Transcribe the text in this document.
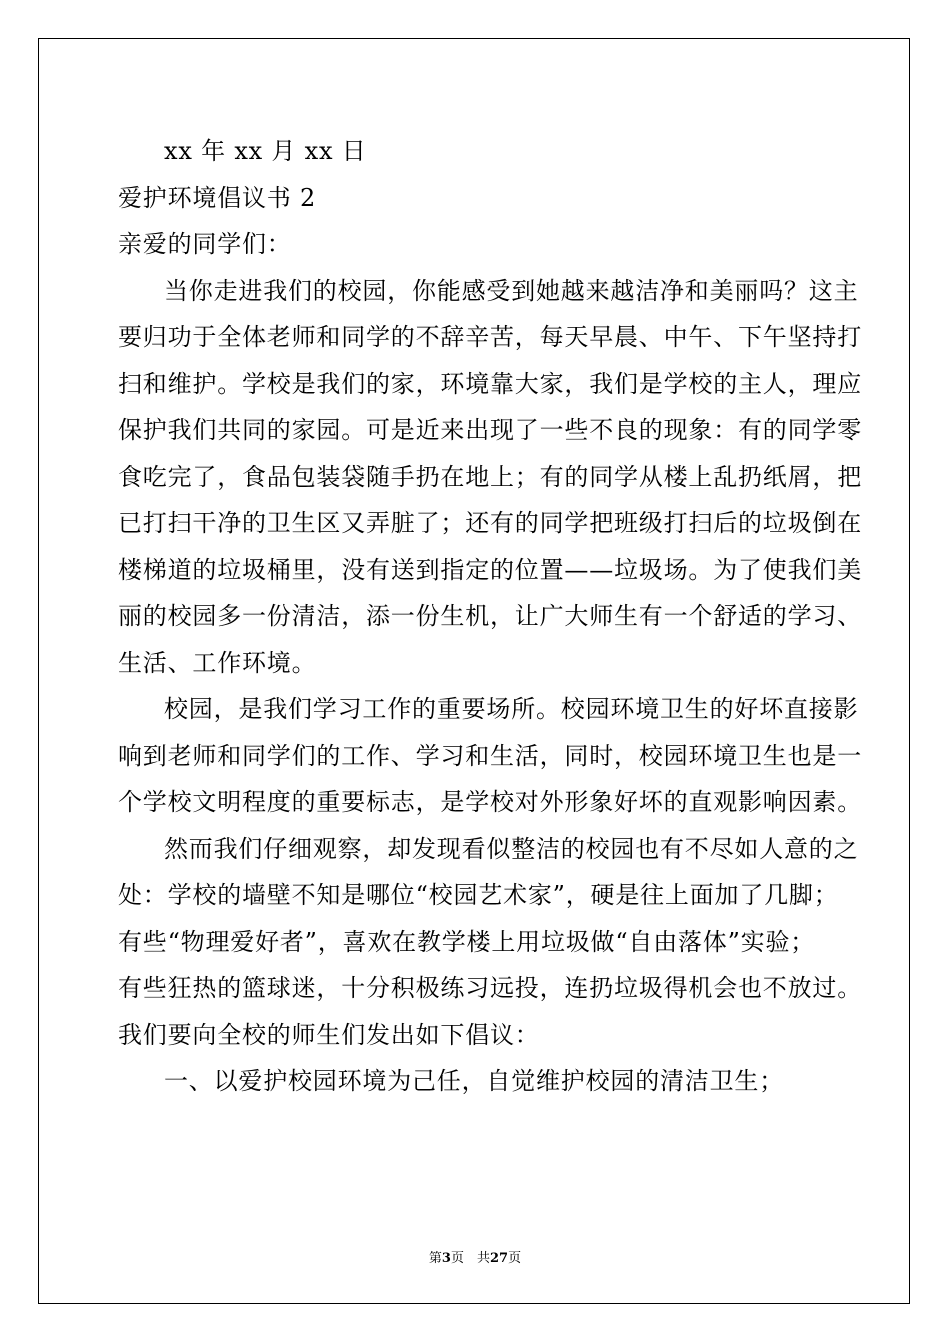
xx 年 xx 月 xx 日
爱护环境倡议书 2
亲爱的同学们：
当你走进我们的校园，你能感受到她越来越洁净和美丽吗？这主
要归功于全体老师和同学的不辞辛苦，每天早晨、中午、下午坚持打
扫和维护。学校是我们的家，环境靠大家，我们是学校的主人，理应
保护我们共同的家园。可是近来出现了一些不良的现象：有的同学零
食吃完了，食品包装袋随手扔在地上；有的同学从楼上乱扔纸屑，把
已打扫干净的卫生区又弄脏了；还有的同学把班级打扫后的垃圾倒在
楼梯道的垃圾桶里，没有送到指定的位置——垃圾场。为了使我们美
丽的校园多一份清洁，添一份生机，让广大师生有一个舒适的学习、
生活、工作环境。
校园，是我们学习工作的重要场所。校园环境卫生的好坏直接影
响到老师和同学们的工作、学习和生活，同时，校园环境卫生也是一
个学校文明程度的重要标志，是学校对外形象好坏的直观影响因素。
然而我们仔细观察，却发现看似整洁的校园也有不尽如人意的之
处：学校的墙壁不知是哪位“校园艺术家”，硬是往上面加了几脚；
有些“物理爱好者”，喜欢在教学楼上用垃圾做“自由落体”实验；
有些狂热的篮球迷，十分积极练习远投，连扔垃圾得机会也不放过。
我们要向全校的师生们发出如下倡议：
一、以爱护校园环境为己任，自觉维护校园的清洁卫生；
第3页　共27页
